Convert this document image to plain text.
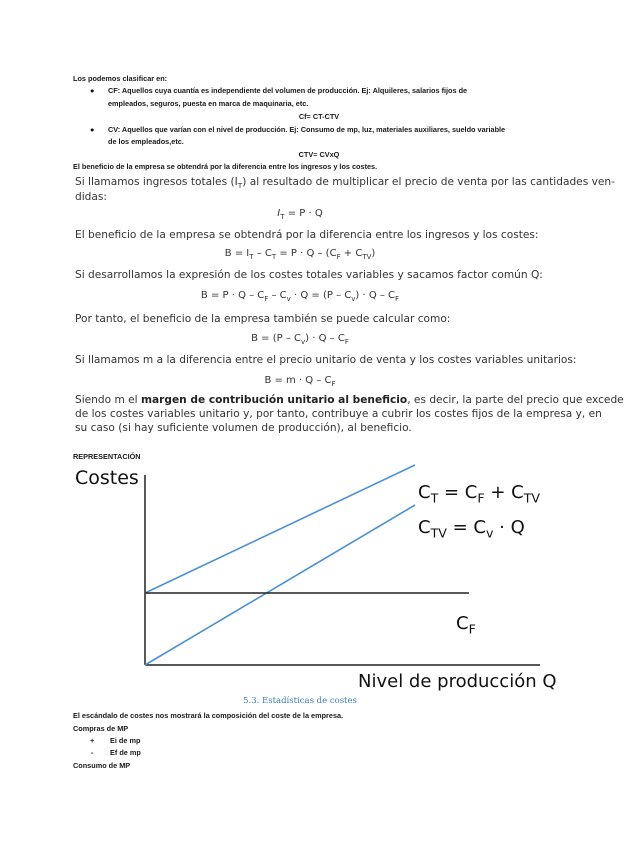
Los podemos clasificar en:
● CF: Aquellos cuya cuantía es independiente del volumen de producción. Ej: Alquileres, salarios fijos de
empleados, seguros, puesta en marca de maquinaria, etc.
Cf= CT-CTV
● CV: Aquellos que varían con el nivel de producción. Ej: Consumo de mp, luz, materiales auxiliares, sueldo variable
de los empleados,etc.
CTV= CVxQ
El beneficio de la empresa se obtendrá por la diferencia entre los ingresos y los costes.
Si llamamos ingresos totales $(I_T)$ al resultado de multiplicar el precio de venta por las cantidades ven-
didas:
$I_T = P \cdot Q$
El beneficio de la empresa se obtendrá por la diferencia entre los ingresos y los costes:
$B = I_T - C_T = P \cdot Q - (C_F + C_{TV})$
Si desarrollamos la expresión de los costes totales variables y sacamos factor común Q:
$B = P \cdot Q - C_F - C_v \cdot Q = (P - C_v) \cdot Q - C_F$
Por tanto, el beneficio de la empresa también se puede calcular como:
$B = (P - C_v) \cdot Q - C_F$
Si llamamos m a la diferencia entre el precio unitario de venta y los costes variables unitarios:
$B = m \cdot Q - C_F$
Siendo m el margen de contribución unitario al beneficio, es decir, la parte del precio que excede
de los costes variables unitario y, por tanto, contribuye a cubrir los costes fijos de la empresa y, en
su caso (si hay suficiente volumen de producción), al beneficio.
REPRESENTACIÓN
Costes
Nivel de producción Q
$C_T = C_F + C_{TV}$
$C_{TV} = C_v \cdot Q$
$C_F$
5.3. Estadísticas de costes
El escándalo de costes nos mostrará la composición del coste de la empresa.
Compras de MP
+ Ei de mp
- Ef de mp
Consumo de MP
